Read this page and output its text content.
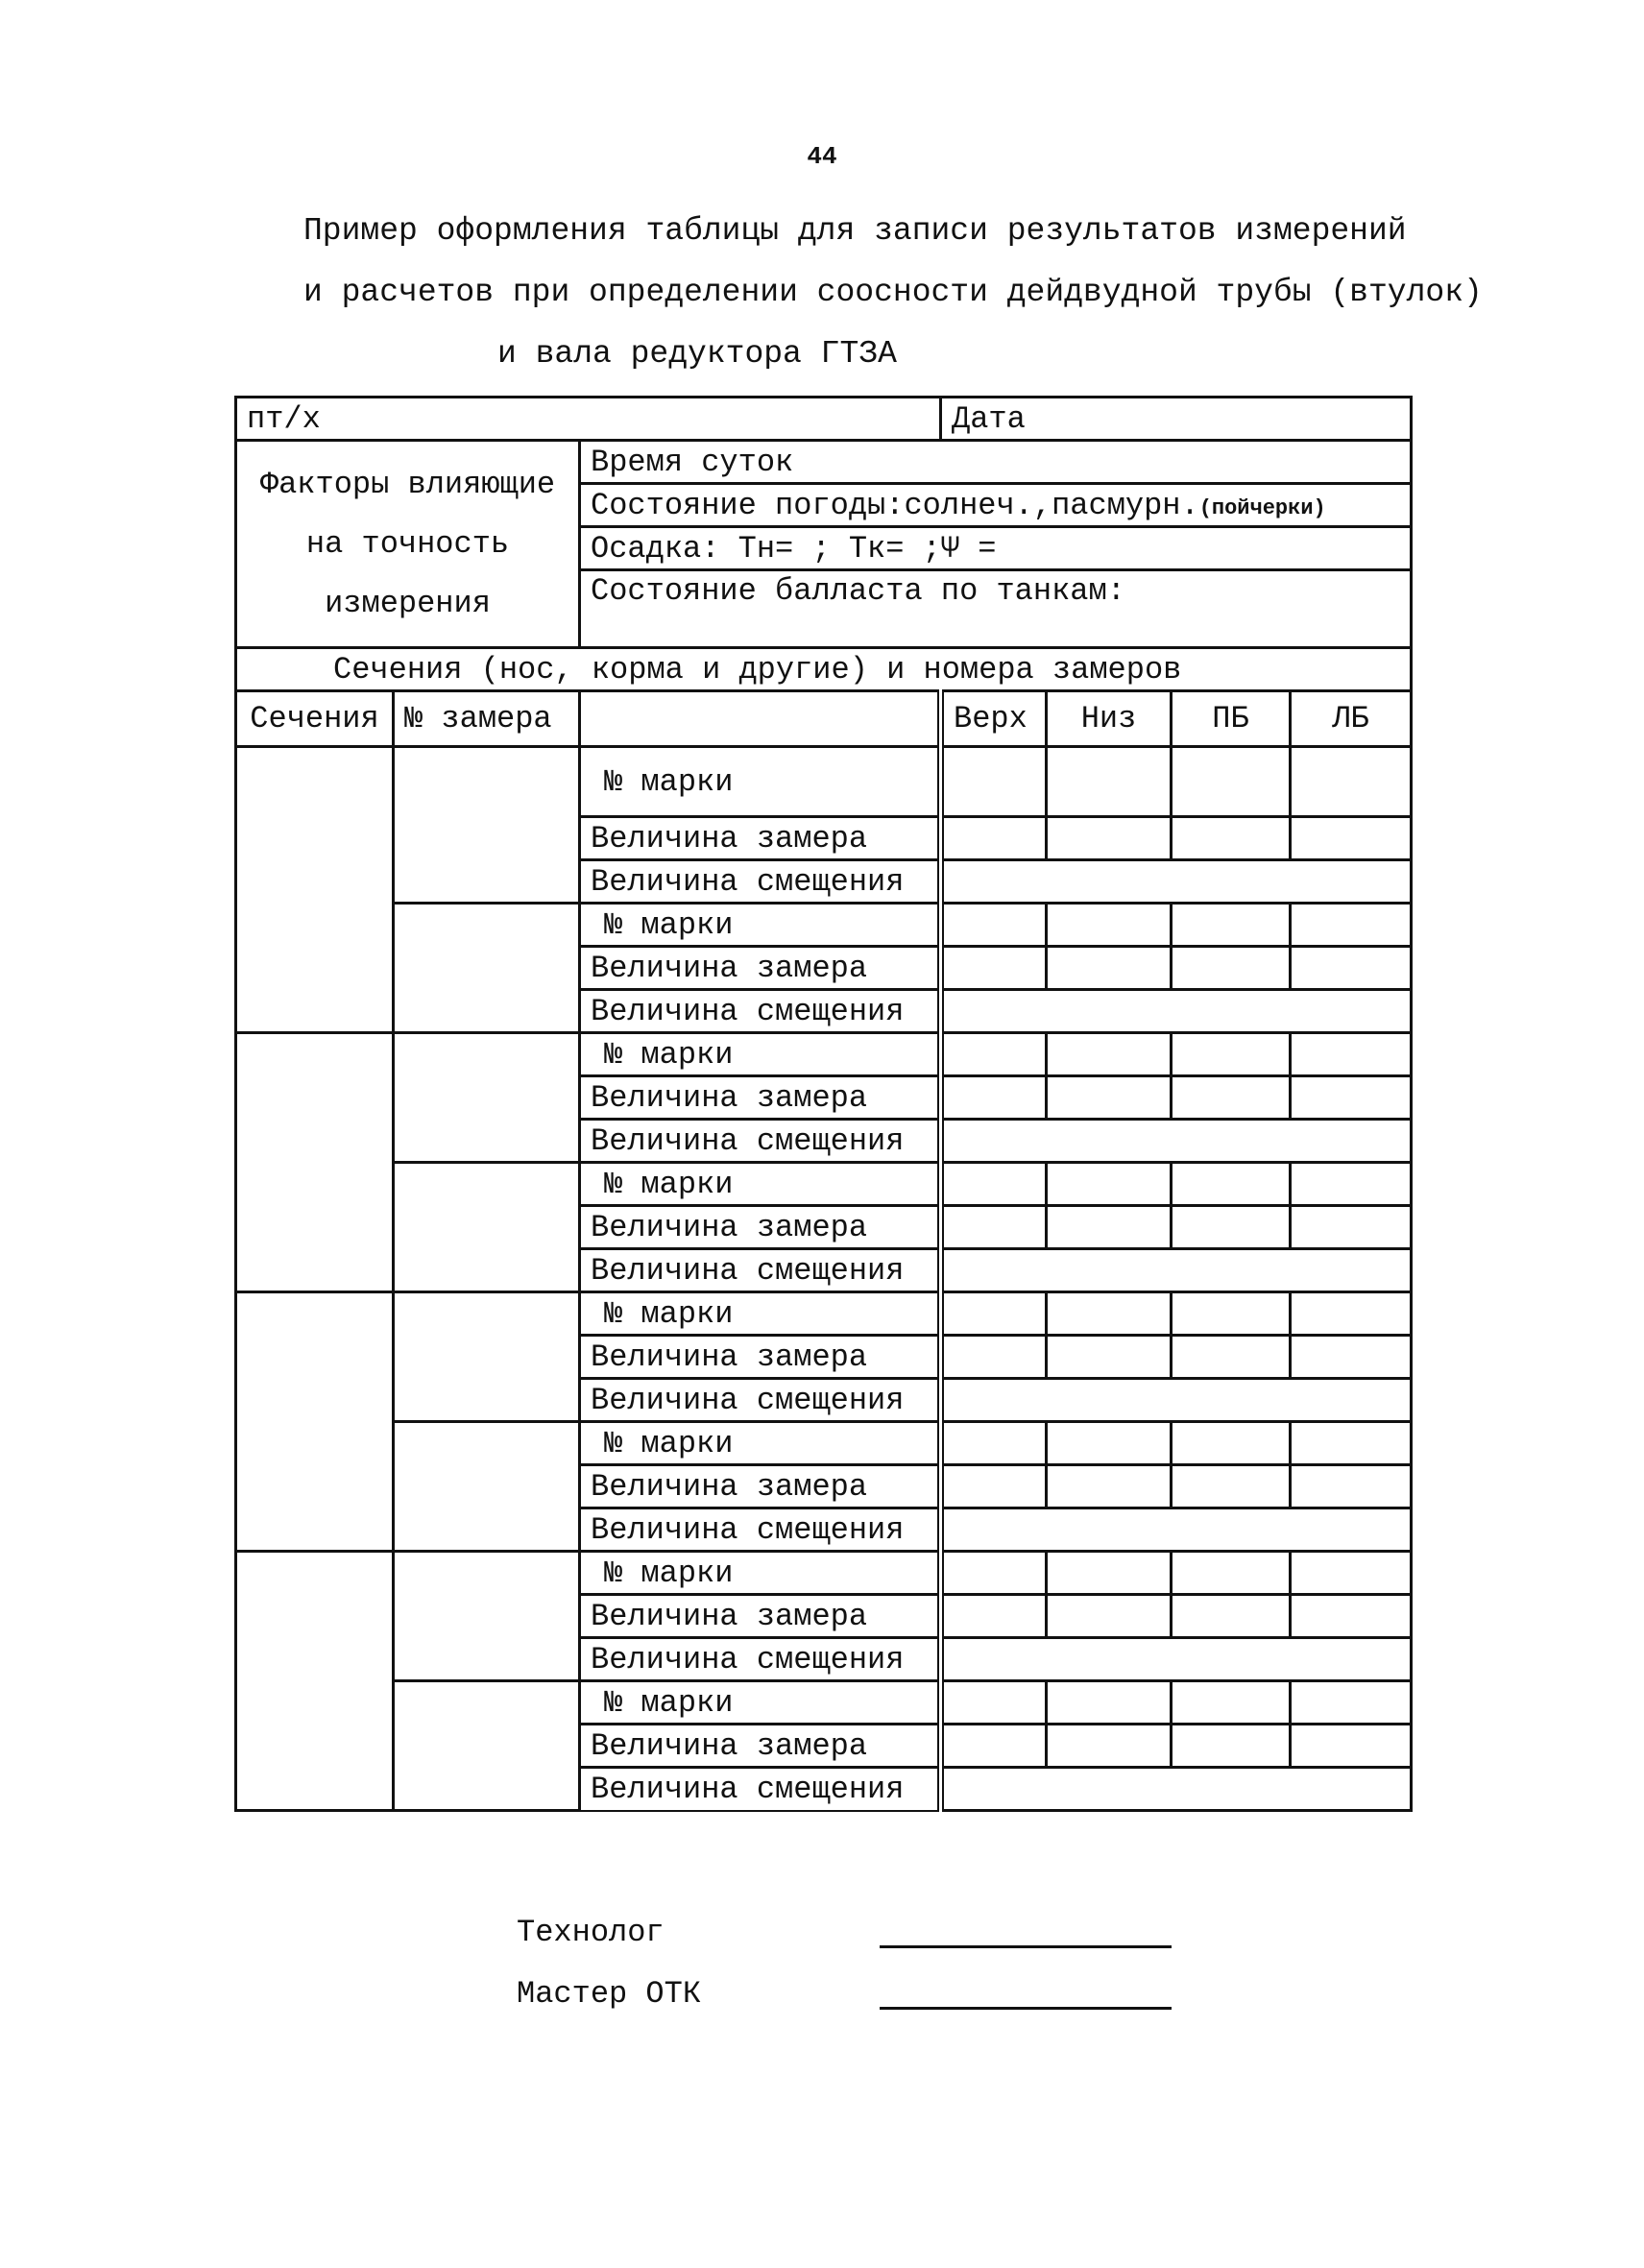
44
Пример оформления таблицы для записи результатов измерений
и расчетов при определении соосности дейдвудной трубы (втулок)
и вала редуктора ГТЗА
пт/х			Дата			
Факторы влияющие на точность измерения		Время суток				
		Состояние погоды:солнеч.,пасмурн.(пойчерки)				
		Осадка: Тн= ; Тк= ;Ψ =				
		Состояние балласта по танкам:				
Сечения (нос, корма и другие) и номера замеров						
Сечения	№ замера		Верх	Низ	ПБ	ЛБ
		№ марки				
		Величина замера				
		Величина смещения				
		№ марки				
		Величина замера				
		Величина смещения				
		№ марки				
		Величина замера				
		Величина смещения				
		№ марки				
		Величина замера				
		Величина смещения				
		№ марки				
		Величина замера				
		Величина смещения				
		№ марки				
		Величина замера				
		Величина смещения				
		№ марки				
		Величина замера				
		Величина смещения				
		№ марки				
		Величина замера				
		Величина смещения				
Технолог
Мастер ОТК
